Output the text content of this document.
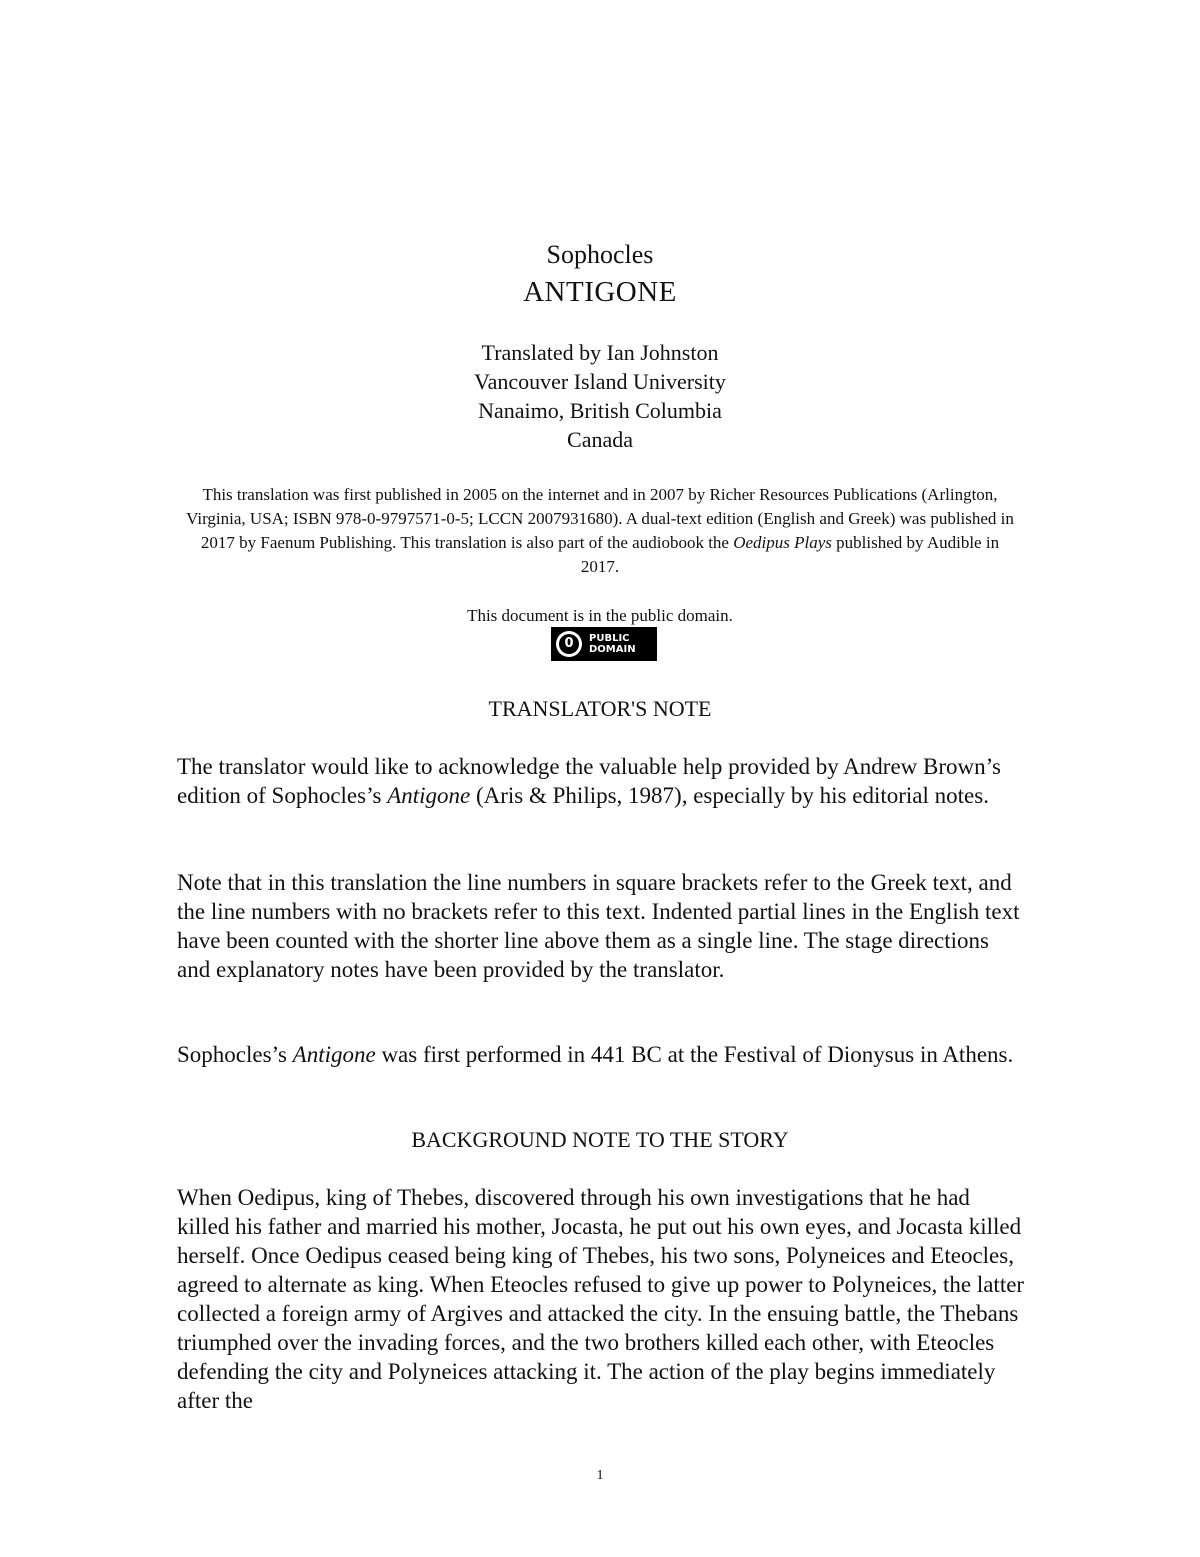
Sophocles
ANTIGONE
Translated by Ian Johnston
Vancouver Island University
Nanaimo, British Columbia
Canada
This translation was first published in 2005 on the internet and in 2007 by Richer Resources Publications (Arlington, Virginia, USA; ISBN 978-0-9797571-0-5; LCCN 2007931680). A dual-text edition (English and Greek) was published in 2017 by Faenum Publishing. This translation is also part of the audiobook the Oedipus Plays published by Audible in 2017.
This document is in the public domain.
0	PUBLIC
DOMAIN
TRANSLATOR'S NOTE
The translator would like to acknowledge the valuable help provided by Andrew Brown’s edition of Sophocles’s Antigone (Aris & Philips, 1987), especially by his editorial notes.
Note that in this translation the line numbers in square brackets refer to the Greek text, and the line numbers with no brackets refer to this text. Indented partial lines in the English text have been counted with the shorter line above them as a single line. The stage directions and explanatory notes have been provided by the translator.
Sophocles’s Antigone was first performed in 441 BC at the Festival of Dionysus in Athens.
BACKGROUND NOTE TO THE STORY
When Oedipus, king of Thebes, discovered through his own investigations that he had killed his father and married his mother, Jocasta, he put out his own eyes, and Jocasta killed herself. Once Oedipus ceased being king of Thebes, his two sons, Polyneices and Eteocles, agreed to alternate as king. When Eteocles refused to give up power to Polyneices, the latter collected a foreign army of Argives and attacked the city. In the ensuing battle, the Thebans triumphed over the invading forces, and the two brothers killed each other, with Eteocles defending the city and Polyneices attacking it. The action of the play begins immediately after the
1
